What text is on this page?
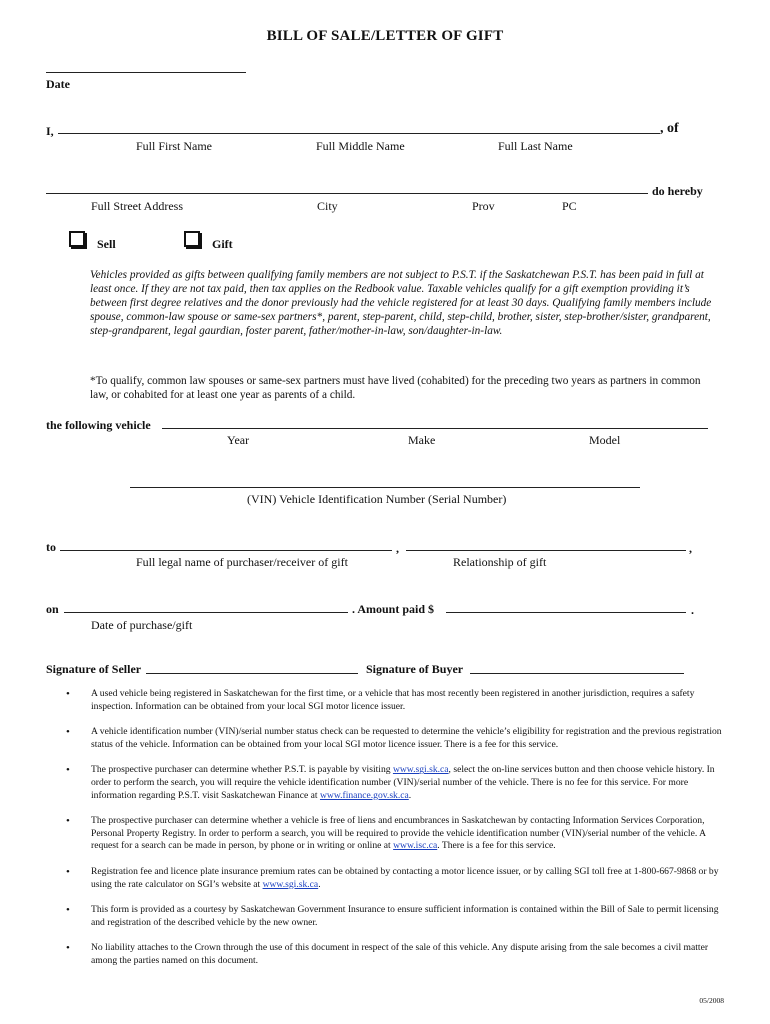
BILL OF SALE/LETTER OF GIFT
Date
I,	, of
Full First Name	Full Middle Name	Full Last Name
do hereby
Full Street Address	City	Prov	PC
Sell	Gift
Vehicles provided as gifts between qualifying family members are not subject to P.S.T. if the Saskatchewan P.S.T. has been paid in full at least once. If they are not tax paid, then tax applies on the Redbook value. Taxable vehicles qualify for a gift exemption providing it’s between first degree relatives and the donor previously had the vehicle registered for at least 30 days. Qualifying family members include spouse, common-law spouse or same-sex partners*, parent, step-parent, child, step-child, brother, sister, step-brother/sister, grandparent, step-grandparent, legal gaurdian, foster parent, father/mother-in-law, son/daughter-in-law.
*To qualify, common law spouses or same-sex partners must have lived (cohabited) for the preceding two years as partners in common law, or cohabited for at least one year as parents of a child.
the following vehicle
Year	Make	Model
(VIN) Vehicle Identification Number (Serial Number)
to	,	,
Full legal name of purchaser/receiver of gift	Relationship of gift
on	. Amount paid $	.
Date of purchase/gift
Signature of Seller	Signature of Buyer
• A used vehicle being registered in Saskatchewan for the first time, or a vehicle that has most recently been registered in another jurisdiction, requires a safety inspection. Information can be obtained from your local SGI motor licence issuer.
• A vehicle identification number (VIN)/serial number status check can be requested to determine the vehicle’s eligibility for registration and the previous registration status of the vehicle. Information can be obtained from your local SGI motor licence issuer. There is a fee for this service.
• The prospective purchaser can determine whether P.S.T. is payable by visiting www.sgi.sk.ca, select the on-line services button and then choose vehicle history. In order to perform the search, you will require the vehicle identification number (VIN)/serial number of the vehicle. There is no fee for this service. For more information regarding P.S.T. visit Saskatchewan Finance at www.finance.gov.sk.ca.
• The prospective purchaser can determine whether a vehicle is free of liens and encumbrances in Saskatchewan by contacting Information Services Corporation, Personal Property Registry. In order to perform a search, you will be required to provide the vehicle identification number (VIN)/serial number of the vehicle. A request for a search can be made in person, by phone or in writing or online at www.isc.ca. There is a fee for this service.
• Registration fee and licence plate insurance premium rates can be obtained by contacting a motor licence issuer, or by calling SGI toll free at 1-800-667-9868 or by using the rate calculator on SGI’s website at www.sgi.sk.ca.
• This form is provided as a courtesy by Saskatchewan Government Insurance to ensure sufficient information is contained within the Bill of Sale to permit licensing and registration of the described vehicle by the new owner.
• No liability attaches to the Crown through the use of this document in respect of the sale of this vehicle. Any dispute arising from the sale becomes a civil matter among the parties named on this document.
05/2008
